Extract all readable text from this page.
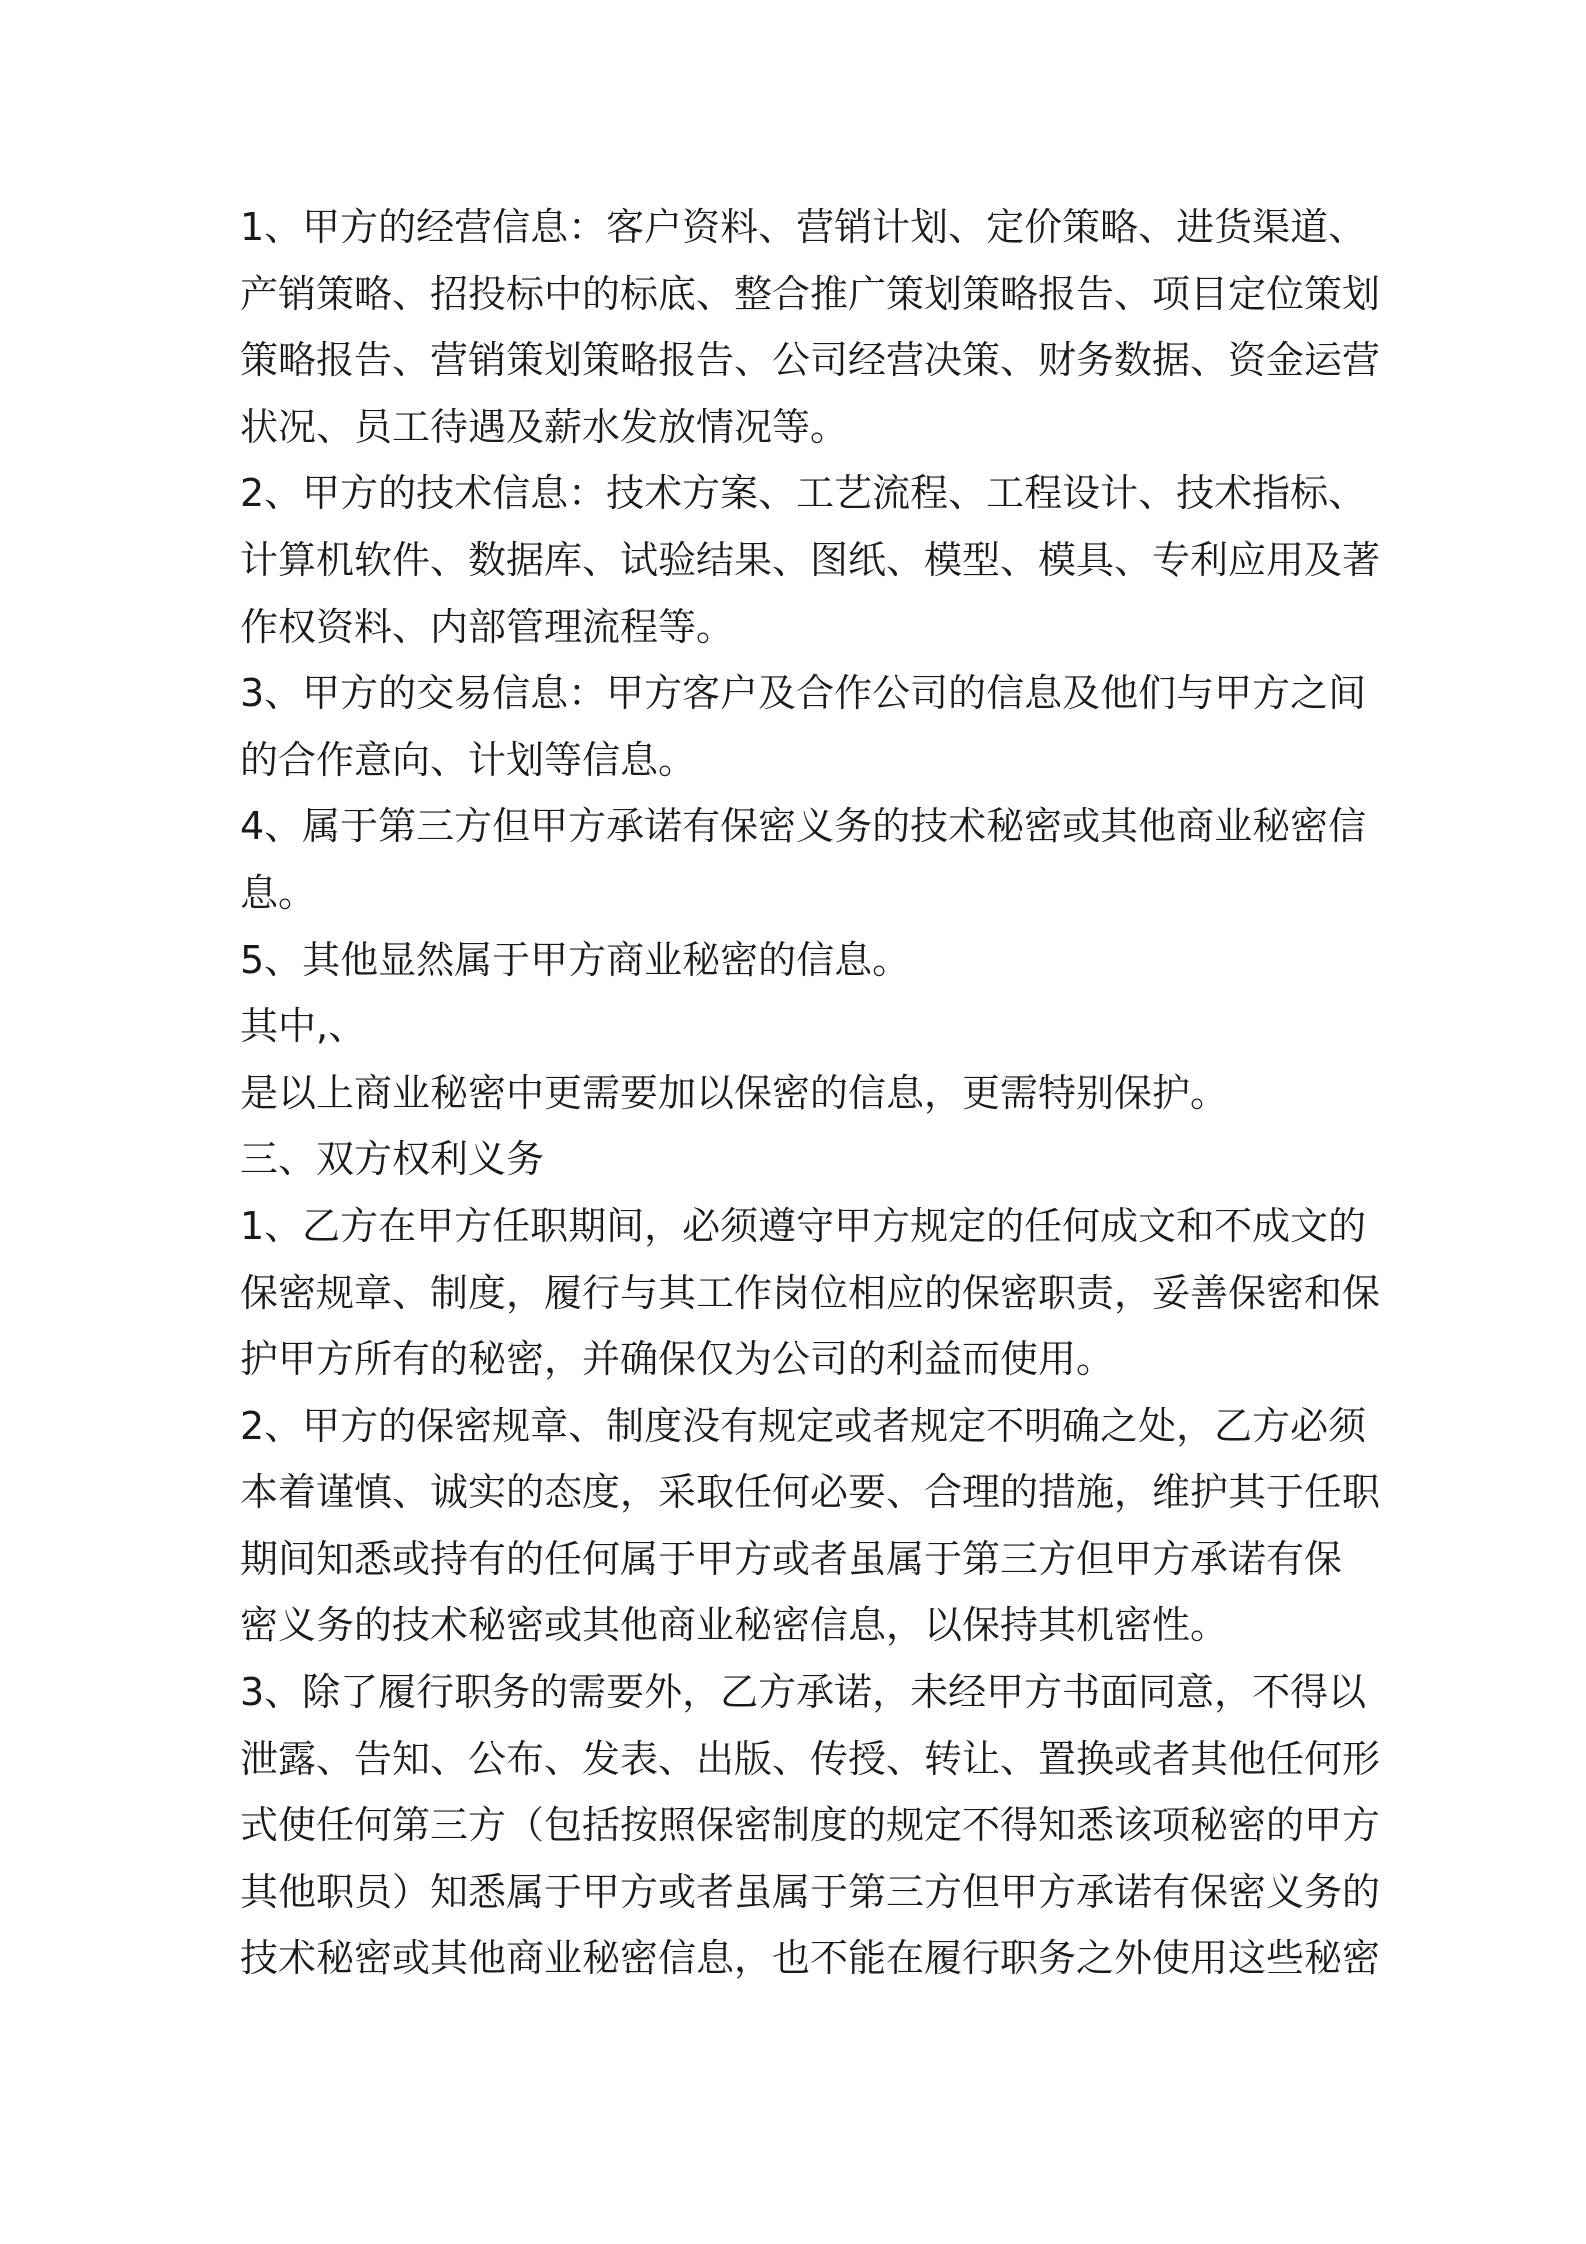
1、甲方的经营信息：客户资料、营销计划、定价策略、进货渠道、

产销策略、招投标中的标底、整合推广策划策略报告、项目定位策划

策略报告、营销策划策略报告、公司经营决策、财务数据、资金运营

状况、员工待遇及薪水发放情况等。

2、甲方的技术信息：技术方案、工艺流程、工程设计、技术指标、

计算机软件、数据库、试验结果、图纸、模型、模具、专利应用及著

作权资料、内部管理流程等。

3、甲方的交易信息：甲方客户及合作公司的信息及他们与甲方之间

的合作意向、计划等信息。

4、属于第三方但甲方承诺有保密义务的技术秘密或其他商业秘密信

息。

5、其他显然属于甲方商业秘密的信息。

其中,、

是以上商业秘密中更需要加以保密的信息，更需特别保护。

三、双方权利义务

1、乙方在甲方任职期间，必须遵守甲方规定的任何成文和不成文的

保密规章、制度，履行与其工作岗位相应的保密职责，妥善保密和保

护甲方所有的秘密，并确保仅为公司的利益而使用。

2、甲方的保密规章、制度没有规定或者规定不明确之处，乙方必须

本着谨慎、诚实的态度，采取任何必要、合理的措施，维护其于任职

期间知悉或持有的任何属于甲方或者虽属于第三方但甲方承诺有保

密义务的技术秘密或其他商业秘密信息，以保持其机密性。

3、除了履行职务的需要外，乙方承诺，未经甲方书面同意，不得以

泄露、告知、公布、发表、出版、传授、转让、置换或者其他任何形

式使任何第三方（包括按照保密制度的规定不得知悉该项秘密的甲方

其他职员）知悉属于甲方或者虽属于第三方但甲方承诺有保密义务的

技术秘密或其他商业秘密信息，也不能在履行职务之外使用这些秘密
